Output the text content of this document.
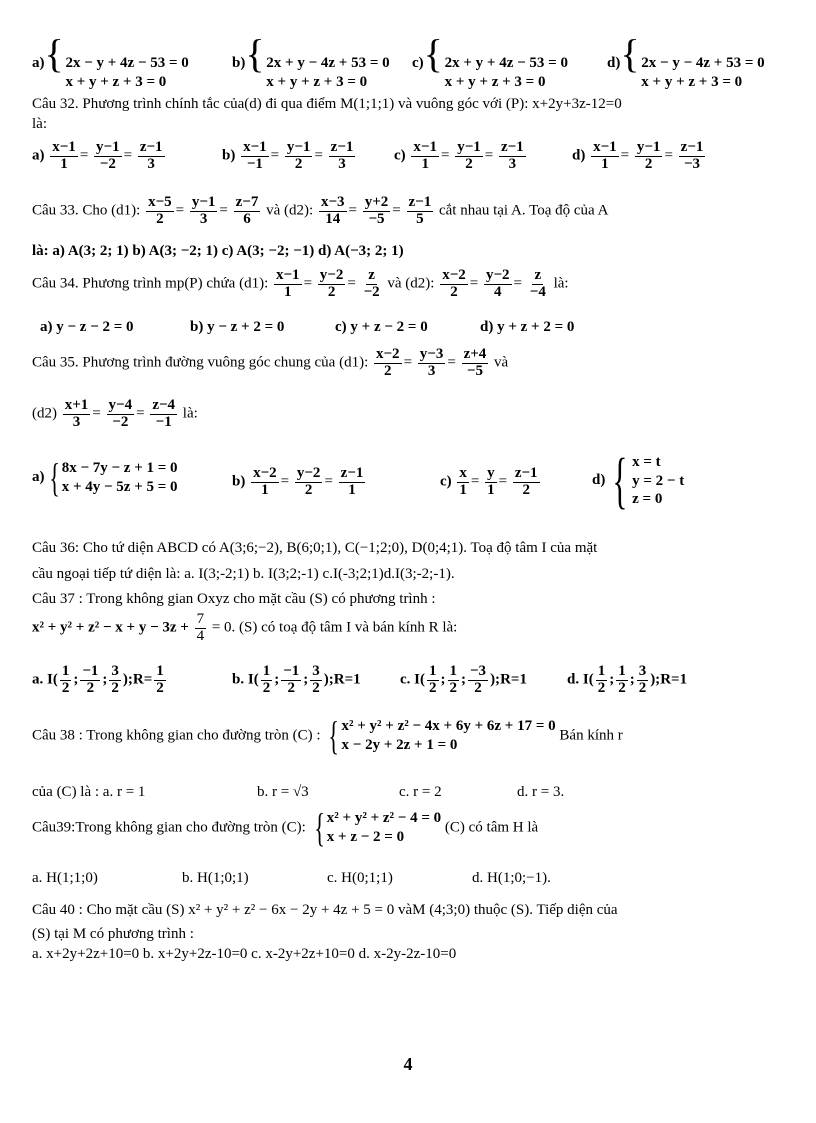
a){ 2x − y + 4z − 53 = 0
x + y + z + 3 = 0
b){ 2x + y − 4z + 53 = 0
x + y + z + 3 = 0
c){ 2x + y + 4z − 53 = 0
x + y + z + 3 = 0
d){ 2x − y − 4z + 53 = 0
x + y + z + 3 = 0
Câu 32. Phương trình chính tắc của(d) đi qua điểm M(1;1;1) và vuông góc với (P): x+2y+3z-12=0
là:
$a) \frac{x-1}{1} = \frac{y-1}{-2} = \frac{z-1}{3}$	$b) \frac{x-1}{-1} = \frac{y-1}{2} = \frac{z-1}{3}$	$c) \frac{x-1}{1} = \frac{y-1}{2} = \frac{z-1}{3}$	$d) \frac{x-1}{1} = \frac{y-1}{2} = \frac{z-1}{-3}$
Câu 33. Cho (d1): $\frac{x-5}{2} = \frac{y-1}{3} = \frac{z-7}{6}$ và (d2): $\frac{x-3}{14} = \frac{y+2}{-5} = \frac{z-1}{5}$ cắt nhau tại A. Toạ độ của A
là: a) A(3; 2; 1) b) A(3; −2; 1) c) A(3; −2; −1) d) A(−3; 2; 1)
Câu 34. Phương trình mp(P) chứa (d1): $\frac{x-1}{1} = \frac{y-2}{2} = \frac{z}{-2}$ và (d2): $\frac{x-2}{2} = \frac{y-2}{4} = \frac{z}{-4}$ là:
a) y − z − 2 = 0	b) y − z + 2 = 0	c) y + z − 2 = 0	d) y + z + 2 = 0
Câu 35. Phương trình đường vuông góc chung của (d1): $\frac{x-2}{2} = \frac{y-3}{3} = \frac{z+4}{-5}$ và
$(d2) \frac{x+1}{3} = \frac{y-4}{-2} = \frac{z-4}{-1}$ là:
a) { 8x − 7y − z + 1 = 0
x + 4y − 5z + 5 = 0	$b) \frac{x-2}{1} = \frac{y-2}{2} = \frac{z-1}{1}$	$c) \frac{x}{1} = \frac{y}{1} = \frac{z-1}{2}$	d) { x = t
y = 2 − t
z = 0
Câu 36: Cho tứ diện ABCD có A(3;6;−2), B(6;0;1), C(−1;2;0), D(0;4;1). Toạ độ tâm I của mặt
cầu ngoại tiếp tứ diện là: a. I(3;-2;1) b. I(3;2;-1) c.I(-3;2;1)d.I(3;-2;-1).
Câu 37 : Trong không gian Oxyz cho mặt cầu (S) có phương trình :
$x^2 + y^2 + z^2 - x + y - 3z + \frac{7}{4} = 0$. (S) có toạ độ tâm I và bán kính R là:
a. $I( \frac{1}{2}$ ; $\frac{-1}{2}$ ; $\frac{3}{2}$ );R= $\frac{1}{2}$	b. $I( \frac{1}{2}$ ; $\frac{-1}{2}$ ; $\frac{3}{2}$ );R=1	c. $I( \frac{1}{2}$ ; $\frac{1}{2}$ ; $\frac{-3}{2}$ );R=1	d. $I( \frac{1}{2}$ ; $\frac{1}{2}$ ; $\frac{3}{2}$ );R=1
Câu 38 : Trong không gian cho đường tròn (C) : { x² + y² + z² − 4x + 6y + 6z + 17 = 0
x − 2y + 2z + 1 = 0
Bán kính r
của (C) là : a. r = 1	b. r = √3	c. r = 2	d. r = 3.
Câu39:Trong không gian cho đường tròn (C): { x² + y² + z² − 4 = 0
x + z − 2 = 0
(C) có tâm H là
a. H(1;1;0)	b. H(1;0;1)	c. H(0;1;1)	d. H(1;0;−1).
Câu 40 : Cho mặt cầu (S) x² + y² + z² − 6x − 2y + 4z + 5 = 0 vàM (4;3;0) thuộc (S). Tiếp diện của
(S) tại M có phương trình :
a. x+2y+2z+10=0 b. x+2y+2z-10=0 c. x-2y+2z+10=0 d. x-2y-2z-10=0
4
